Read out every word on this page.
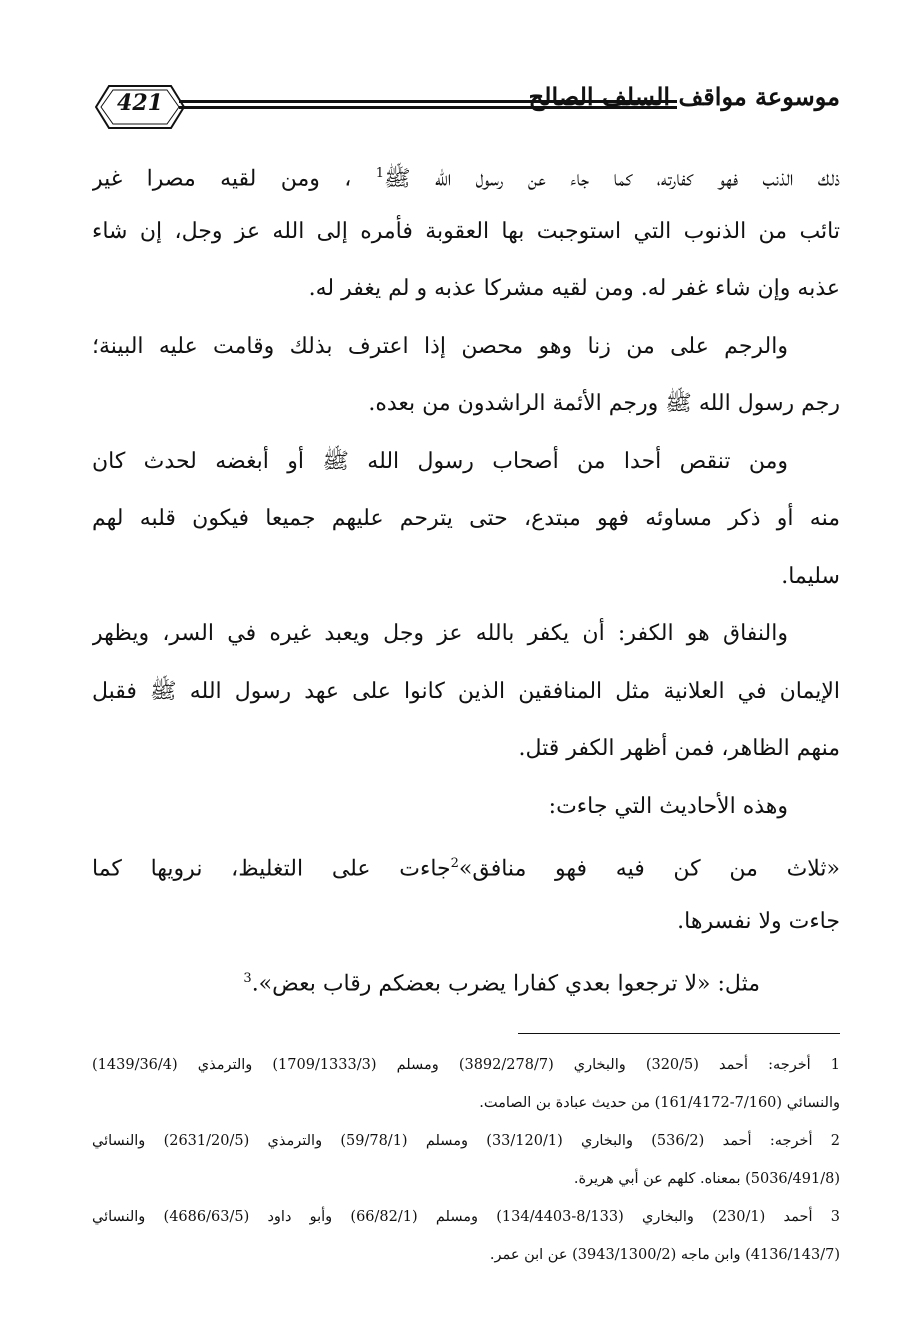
421	موسوعة مواقف السلف الصالح
ذلك الذنب فهو كفارته، كما جاء عن رسول الله ﷺ$^1$ ، ومن لقيه مصرا غير
تائب من الذنوب التي استوجبت بها العقوبة فأمره إلى الله عز وجل، إن شاء
عذبه وإن شاء غفر له. ومن لقيه مشركا عذبه و لم يغفر له.
والرجم على من زنا وهو محصن إذا اعترف بذلك وقامت عليه البينة؛
رجم رسول الله ﷺ ورجم الأئمة الراشدون من بعده.
ومن تنقص أحدا من أصحاب رسول الله ﷺ أو أبغضه لحدث كان
منه أو ذكر مساوئه فهو مبتدع، حتى يترحم عليهم جميعا فيكون قلبه لهم
سليما.
والنفاق هو الكفر: أن يكفر بالله عز وجل ويعبد غيره في السر، ويظهر
الإيمان في العلانية مثل المنافقين الذين كانوا على عهد رسول الله ﷺ فقبل
منهم الظاهر، فمن أظهر الكفر قتل.
وهذه الأحاديث التي جاءت:
«ثلاث من كن فيه فهو منافق»$^2$جاءت على التغليظ، نرويها كما
جاءت ولا نفسرها.
مثل: «لا ترجعوا بعدي كفارا يضرب بعضكم رقاب بعض».$^3$
1 أخرجه: أحمد (320/5) والبخاري (3892/278/7) ومسلم (1709/1333/3) والترمذي (1439/36/4)
والنسائي (7/160-161/4172) من حديث عبادة بن الصامت.
2 أخرجه: أحمد (536/2) والبخاري (33/120/1) ومسلم (59/78/1) والترمذي (2631/20/5) والنسائي
(5036/491/8) بمعناه. كلهم عن أبي هريرة.
3 أحمد (230/1) والبخاري (8/133-134/4403) ومسلم (66/82/1) وأبو داود (4686/63/5) والنسائي
(4136/143/7) وابن ماجه (3943/1300/2) عن ابن عمر.
